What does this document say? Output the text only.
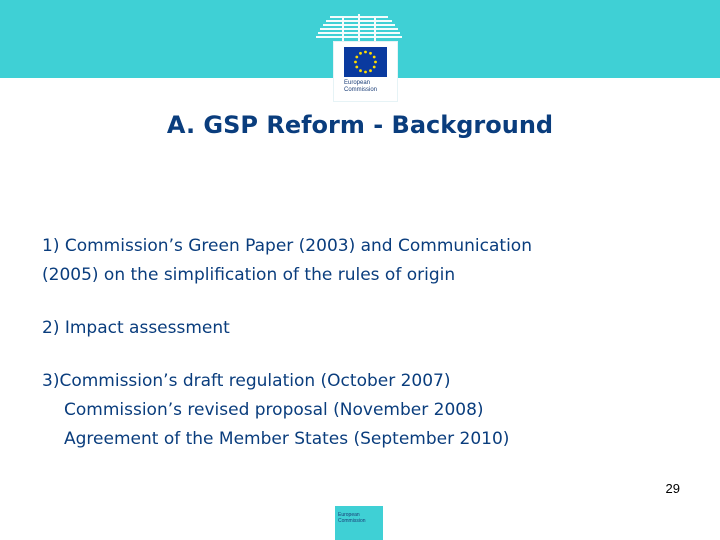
European
Commission
A. GSP Reform - Background
1) Commission’s Green Paper (2003) and Communication
(2005) on the simplification of the rules of origin
2) Impact assessment
3)Commission’s draft regulation (October 2007)
Commission’s revised proposal (November 2008)
Agreement of the Member States (September 2010)
29
European
Commission
